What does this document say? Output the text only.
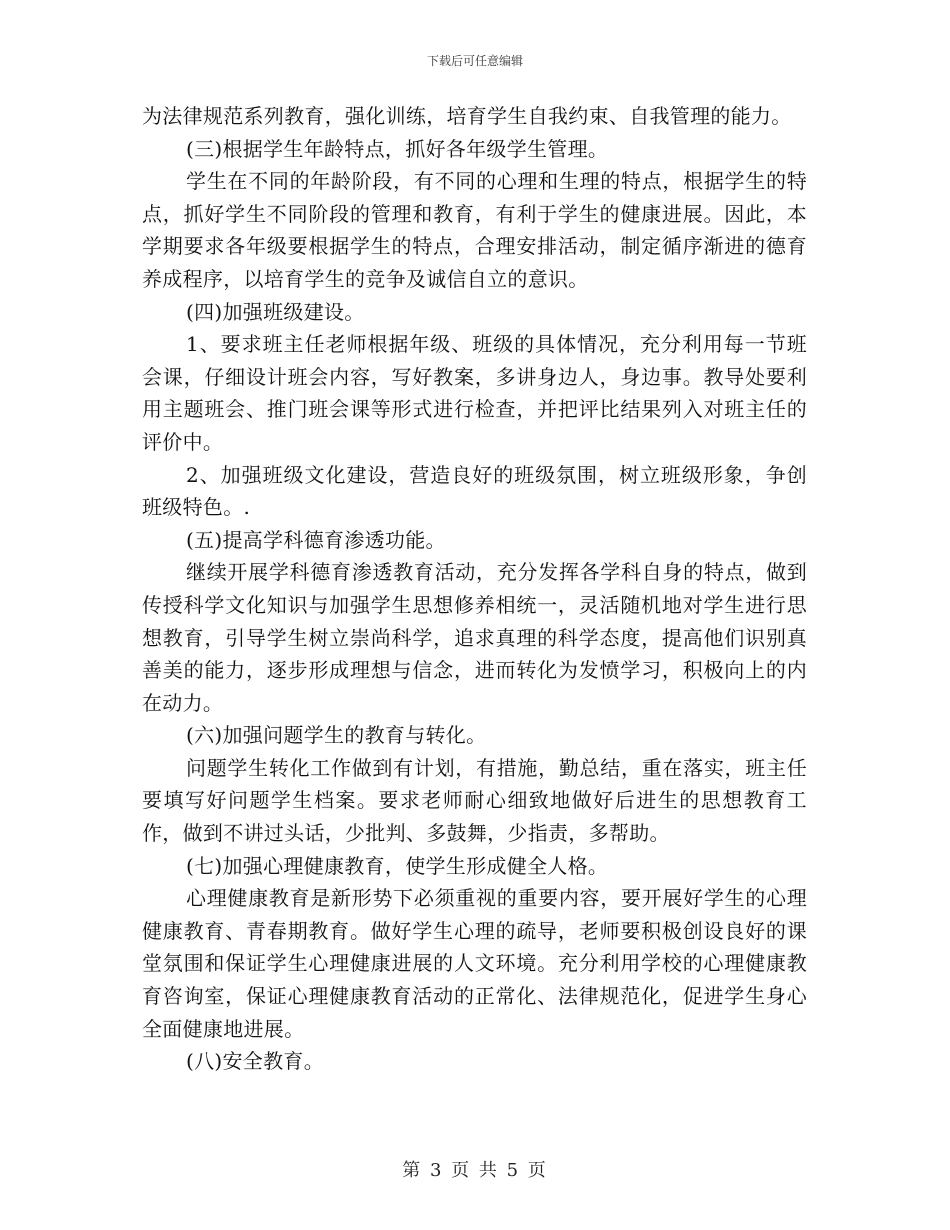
下载后可任意编辑

为法律规范系列教育，强化训练，培育学生自我约束、自我管理的能力。

(三)根据学生年龄特点，抓好各年级学生管理。

学生在不同的年龄阶段，有不同的心理和生理的特点，根据学生的特点，抓好学生不同阶段的管理和教育，有利于学生的健康进展。因此，本学期要求各年级要根据学生的特点，合理安排活动，制定循序渐进的德育养成程序，以培育学生的竞争及诚信自立的意识。

(四)加强班级建设。

1、要求班主任老师根据年级、班级的具体情况，充分利用每一节班会课，仔细设计班会内容，写好教案，多讲身边人，身边事。教导处要利用主题班会、推门班会课等形式进行检查，并把评比结果列入对班主任的评价中。

2、加强班级文化建设，营造良好的班级氛围，树立班级形象，争创班级特色。.

(五)提高学科德育渗透功能。

继续开展学科德育渗透教育活动，充分发挥各学科自身的特点，做到传授科学文化知识与加强学生思想修养相统一，灵活随机地对学生进行思想教育，引导学生树立崇尚科学，追求真理的科学态度，提高他们识别真善美的能力，逐步形成理想与信念，进而转化为发愤学习，积极向上的内在动力。

(六)加强问题学生的教育与转化。

问题学生转化工作做到有计划，有措施，勤总结，重在落实，班主任要填写好问题学生档案。要求老师耐心细致地做好后进生的思想教育工作，做到不讲过头话，少批判、多鼓舞，少指责，多帮助。

(七)加强心理健康教育，使学生形成健全人格。

心理健康教育是新形势下必须重视的重要内容，要开展好学生的心理健康教育、青春期教育。做好学生心理的疏导，老师要积极创设良好的课堂氛围和保证学生心理健康进展的人文环境。充分利用学校的心理健康教育咨询室，保证心理健康教育活动的正常化、法律规范化，促进学生身心全面健康地进展。

(八)安全教育。

第 3 页 共 5 页
